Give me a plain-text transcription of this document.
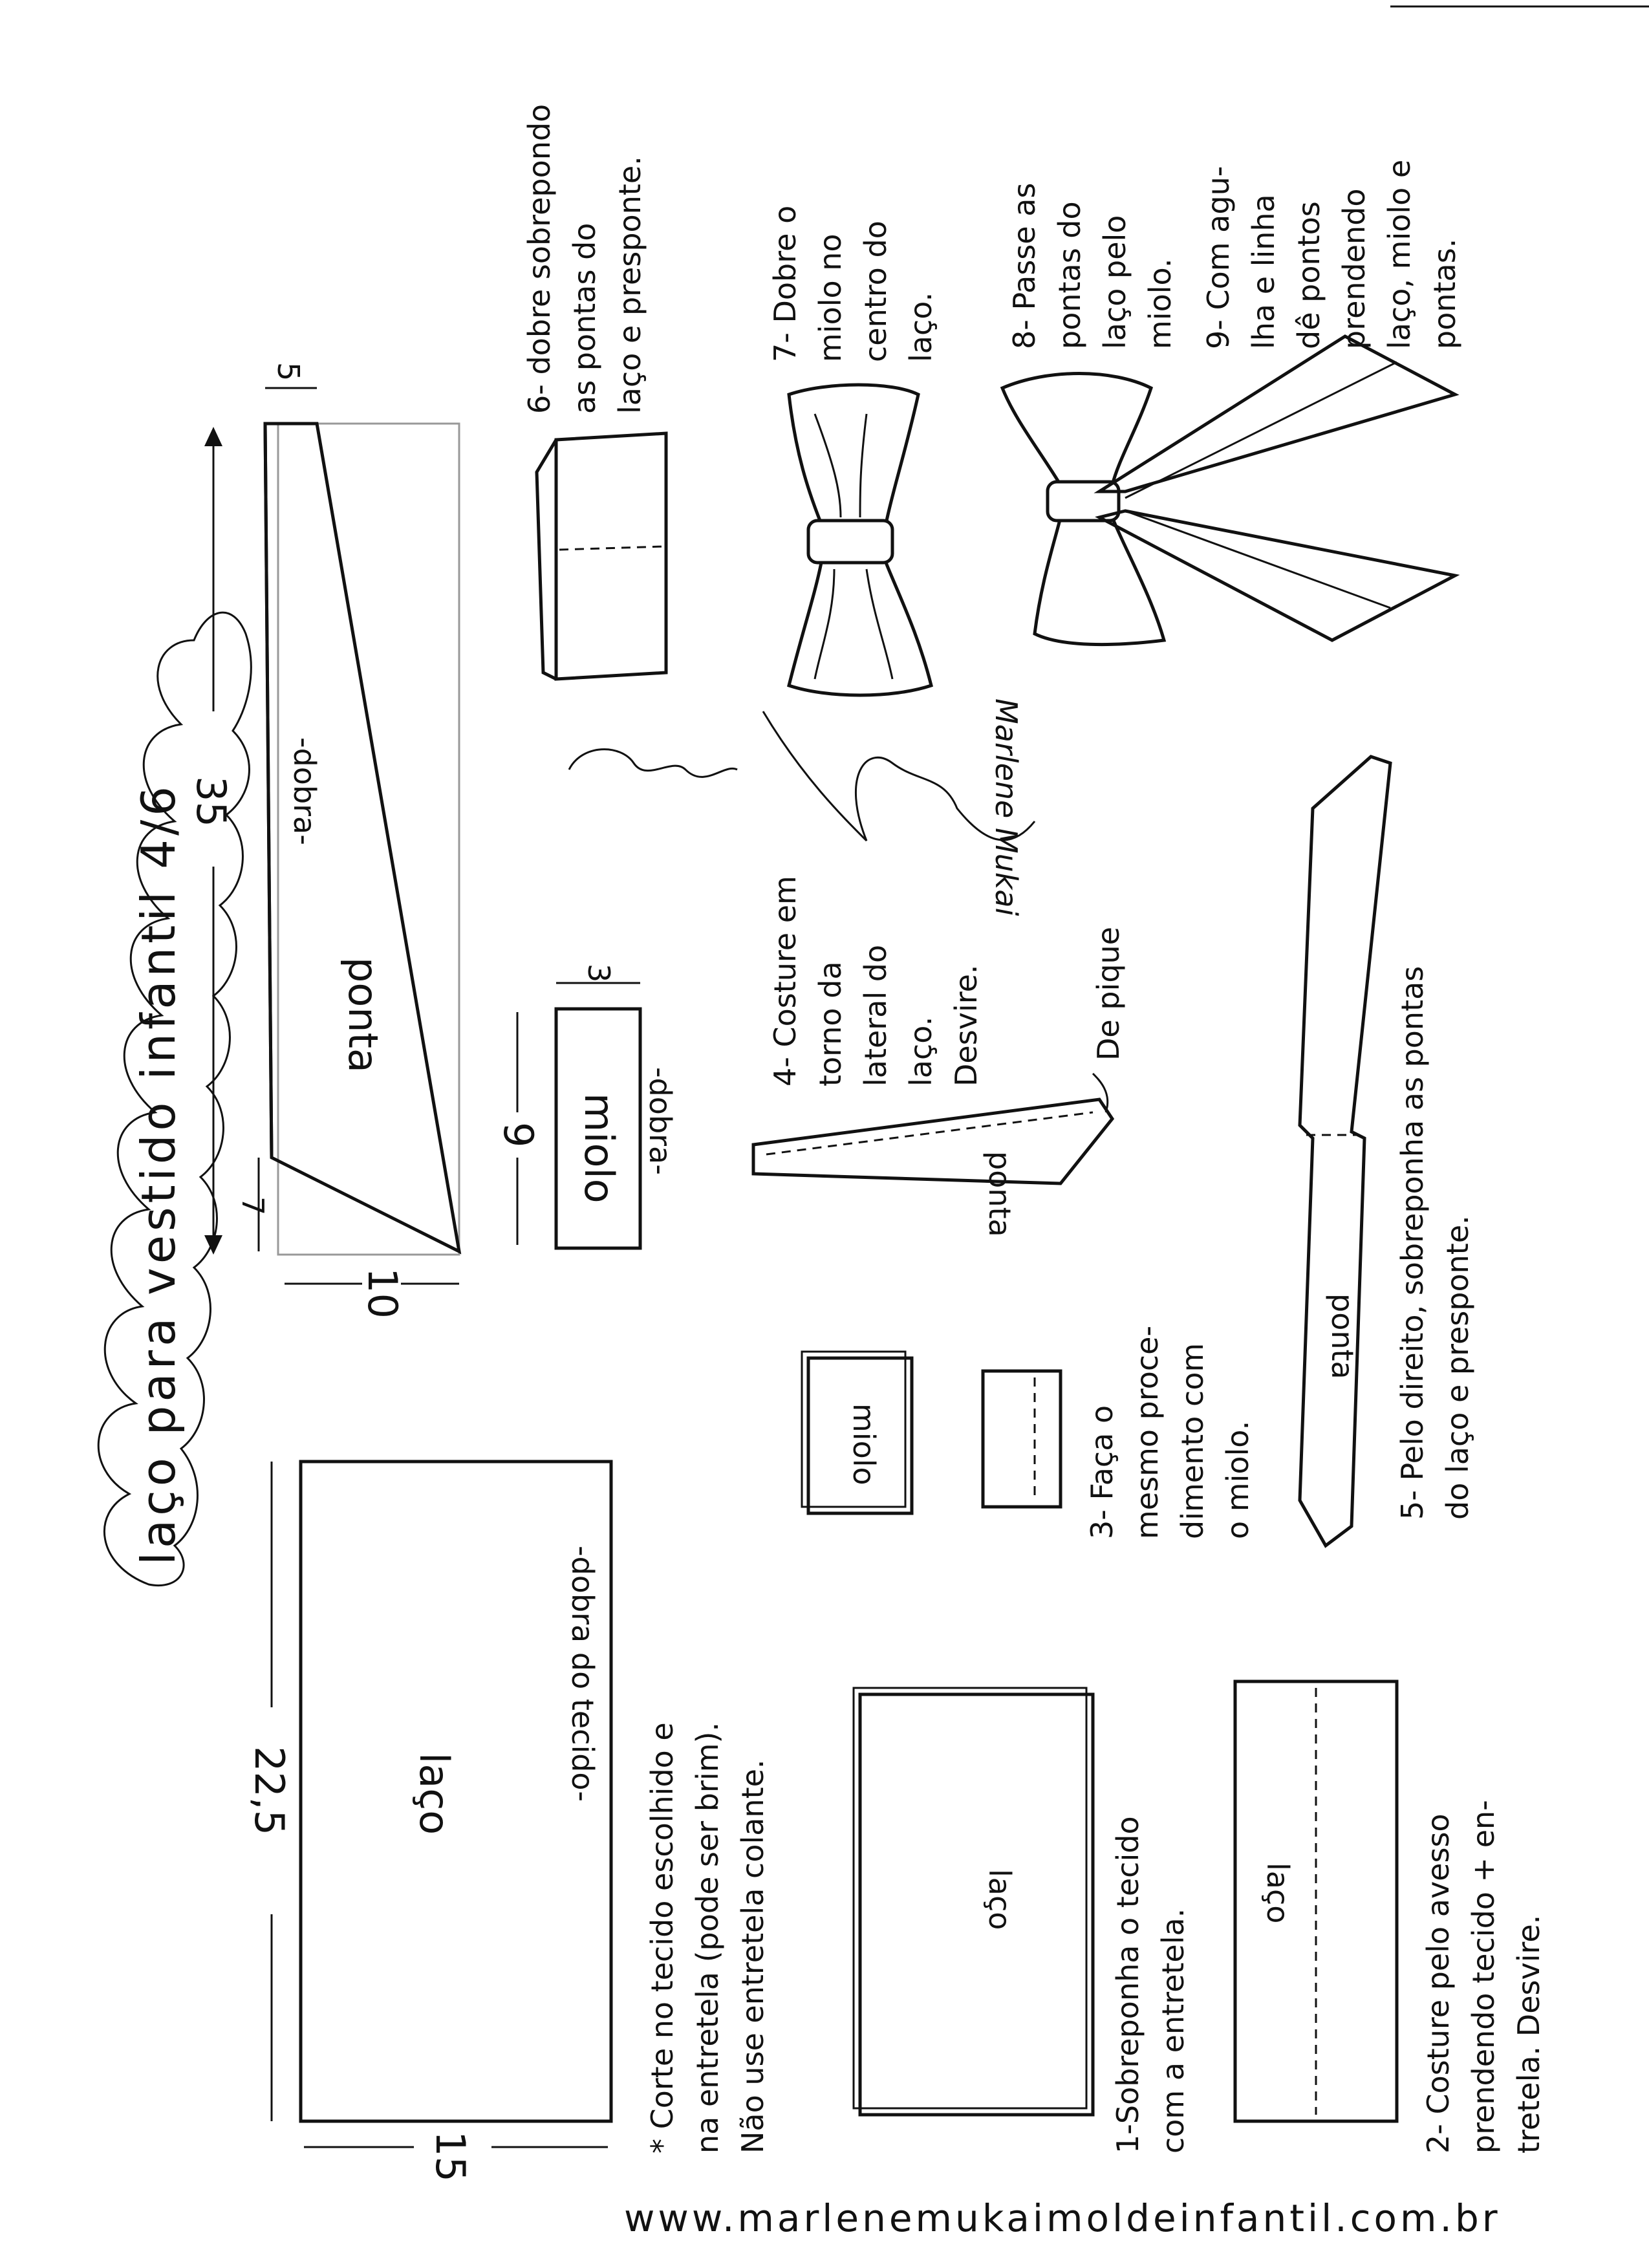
laço para vestido infantil 4/6	-dobra-
ponta
35
5
7
10
miolo -dobra-
9
3
laço	-dobra do tecido-
22,5
15
* Corte no tecido escolhido e na entretela (pode ser brim). Não use entretela colante.	laço	1-Sobreponha o tecido com a entretela.
laço	2- Costure pelo avesso prendendo tecido + en- tretela. Desvire.
miolo	3- Faça o mesmo proce- dimento com o miolo.
ponta
De pique
4- Costure em torno da lateral do laço. Desvire.
Marlene Mukai
ponta 5- Pelo direito, sobreponha as pontas do laço e presponte.
6- dobre sobrepondo as pontas do laço e presponte.	7- Dobre o miolo no centro do laço. 8- Passe as pontas do laço pelo miolo. 9- Com agu- lha e linha dê pontos prendendo laço, miolo e pontas.
www.marlenemukaimoldeinfantil.com.br
